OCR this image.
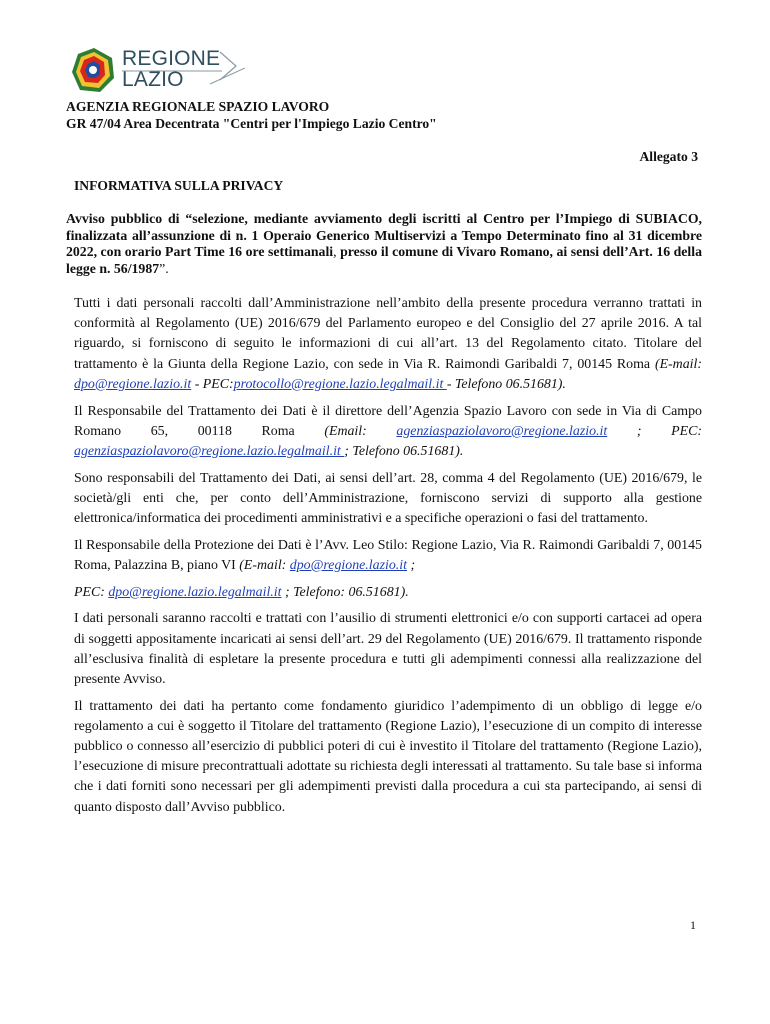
REGIONE
LAZIO
AGENZIA REGIONALE SPAZIO LAVORO
GR 47/04 Area Decentrata "Centri per l'Impiego Lazio Centro"
Allegato 3
INFORMATIVA SULLA PRIVACY
Avviso pubblico di “selezione, mediante avviamento degli iscritti al Centro per l’Impiego di SUBIACO, finalizzata all’assunzione di n. 1 Operaio Generico Multiservizi a Tempo Determinato fino al 31 dicembre 2022, con orario Part Time 16 ore settimanali, presso il comune di Vivaro Romano, ai sensi dell’Art. 16 della legge n. 56/1987”.

Tutti i dati personali raccolti dall’Amministrazione nell’ambito della presente procedura verranno trattati in conformità al Regolamento (UE) 2016/679 del Parlamento europeo e del Consiglio del 27 aprile 2016. A tal riguardo, si forniscono di seguito le informazioni di cui all’art. 13 del Regolamento citato. Titolare del trattamento è la Giunta della Regione Lazio, con sede in Via R. Raimondi Garibaldi 7, 00145 Roma (E-mail: dpo@regione.lazio.it - PEC:protocollo@regione.lazio.legalmail.it - Telefono 06.51681).

Il Responsabile del Trattamento dei Dati è il direttore dell’Agenzia Spazio Lavoro con sede in Via di Campo Romano 65, 00118 Roma (Email: agenziaspaziolavoro@regione.lazio.it ; PEC: agenziaspaziolavoro@regione.lazio.legalmail.it ; Telefono 06.51681).

Sono responsabili del Trattamento dei Dati, ai sensi dell’art. 28, comma 4 del Regolamento (UE) 2016/679, le società/gli enti che, per conto dell’Amministrazione, forniscono servizi di supporto alla gestione elettronica/informatica dei procedimenti amministrativi e a specifiche operazioni o fasi del trattamento.

Il Responsabile della Protezione dei Dati è l’Avv. Leo Stilo: Regione Lazio, Via R. Raimondi Garibaldi 7, 00145 Roma, Palazzina B, piano VI (E-mail: dpo@regione.lazio.it ;

PEC: dpo@regione.lazio.legalmail.it ; Telefono: 06.51681).

I dati personali saranno raccolti e trattati con l’ausilio di strumenti elettronici e/o con supporti cartacei ad opera di soggetti appositamente incaricati ai sensi dell’art. 29 del Regolamento (UE) 2016/679. Il trattamento risponde all’esclusiva finalità di espletare la presente procedura e tutti gli adempimenti connessi alla realizzazione del presente Avviso.

Il trattamento dei dati ha pertanto come fondamento giuridico l’adempimento di un obbligo di legge e/o regolamento a cui è soggetto il Titolare del trattamento (Regione Lazio), l’esecuzione di un compito di interesse pubblico o connesso all’esercizio di pubblici poteri di cui è investito il Titolare del trattamento (Regione Lazio), l’esecuzione di misure precontrattuali adottate su richiesta degli interessati al trattamento. Su tale base si informa che i dati forniti sono necessari per gli adempimenti previsti dalla procedura a cui sta partecipando, ai sensi di quanto disposto dall’Avviso pubblico.

1
